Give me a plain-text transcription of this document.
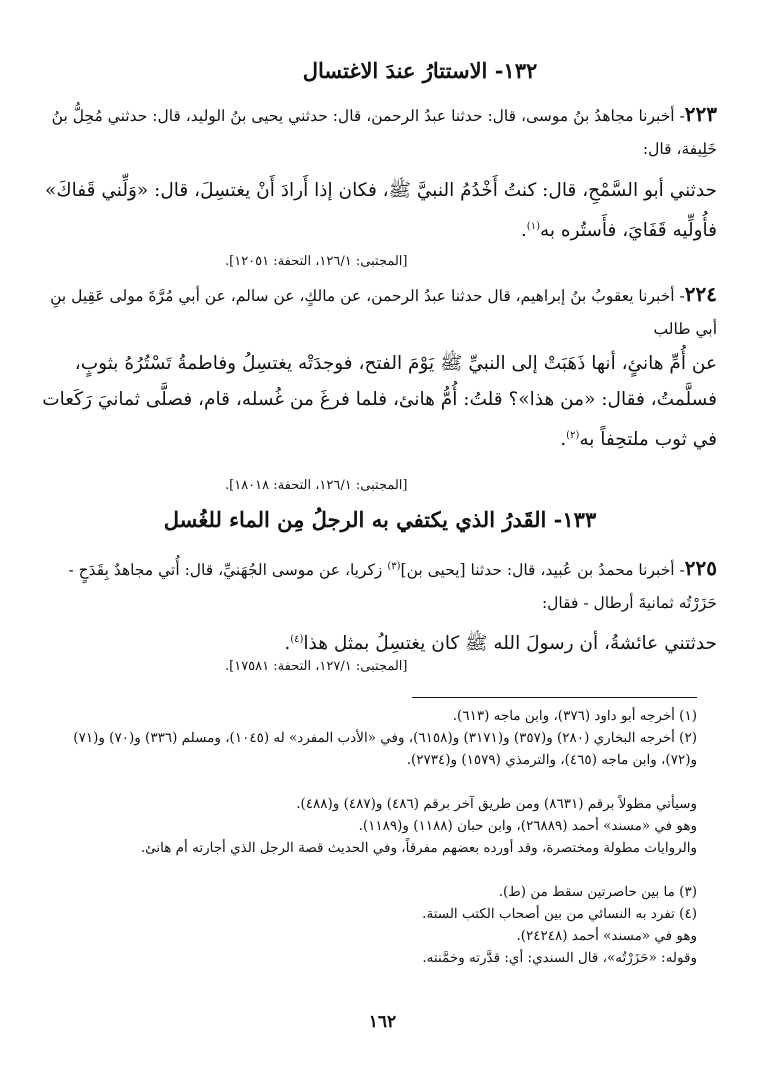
١٣٢- الاستتارُ عندَ الاغتسال
٢٢٣- أخبرنا مجاهدُ بنُ موسى، قال: حدثنا عبدُ الرحمن، قال: حدثني يحيى بنُ الوليد، قال: حدثني مُحِلُّ بنُ خَلِيفة، قال:
حدثني أبو السَّمْحِ، قال: كنتُ أَخْدُمُ النبيَّ ﷺ، فكان إذا أَرادَ أَنْ يغتسِلَ، قال: «وَلِّني قَفاكَ» فأُولِّيه قَفَايَ، فأَستُره به$^{(١)}$.
[المجتبى: ١٢٦/١، التحفة: ١٢٠٥١].
٢٢٤- أخبرنا يعقوبُ بنُ إبراهيم، قال حدثنا عبدُ الرحمن، عن مالكٍ، عن سالم، عن أبي مُرَّةَ مولى عَقِيل بنِ أبي طالب
عن أُمِّ هانئٍ، أنها ذَهَبَتْ إلى النبيِّ ﷺ يَوْمَ الفتح، فوجدَتْه يغتسِلُ وفاطمةُ تَسْتُرُهُ بثوبٍ، فسلَّمتُ، فقال: «من هذا»؟ قلتُ: أُمُّ هانئ، فلما فرغَ من غُسله، قام، فصلَّى ثمانيَ رَكَعات في ثوب ملتحِفاً به$^{(٢)}$.
[المجتبى: ١٢٦/١، التحفة: ١٨٠١٨].
١٣٣- القَدرُ الذي يكتفي به الرجلُ مِن الماء للغُسل
٢٢٥- أخبرنا محمدُ بن عُبيد، قال: حدثنا [يحيى بن]$^{(٣)}$ زكريا، عن موسى الجُهَنيِّ، قال: أُتي مجاهدٌ بِقَدَحٍ - حَزَرْتُه ثمانيةَ أرطال - فقال:
حدثتني عائشةُ، أن رسولَ الله ﷺ كان يغتسِلُ بمثل هذا$^{(٤)}$.
[المجتبى: ١٢٧/١، التحفة: ١٧٥٨١].
(١) أخرجه أبو داود (٣٧٦)، وابن ماجه (٦١٣).
(٢) أخرجه البخاري (٢٨٠) و(٣٥٧) و(٣١٧١) و(٦١٥٨)، وفي «الأدب المفرد» له (١٠٤٥)، ومسلم (٣٣٦) و(٧٠) و(٧١) و(٧٢)، وابن ماجه (٤٦٥)، والترمذي (١٥٧٩) و(٢٧٣٤).
وسيأتي مطولاً برقم (٨٦٣١) ومن طريق آخر برقم (٤٨٦) و(٤٨٧) و(٤٨٨).
وهو في «مسند» أحمد (٢٦٨٨٩)، وابن حبان (١١٨٨) و(١١٨٩).
والروايات مطولة ومختصرة، وقد أورده بعضهم مفرقاً، وفي الحديث قصة الرجل الذي أجارته أم هانئ.
(٣) ما بين حاصرتين سقط من (ط).
(٤) تفرد به النسائي من بين أصحاب الكتب الستة.
وهو في «مسند» أحمد (٢٤٢٤٨).
وقوله: «حَزَرْتُه»، قال السندي: أي: قدَّرته وخمَّنته.
١٦٢
